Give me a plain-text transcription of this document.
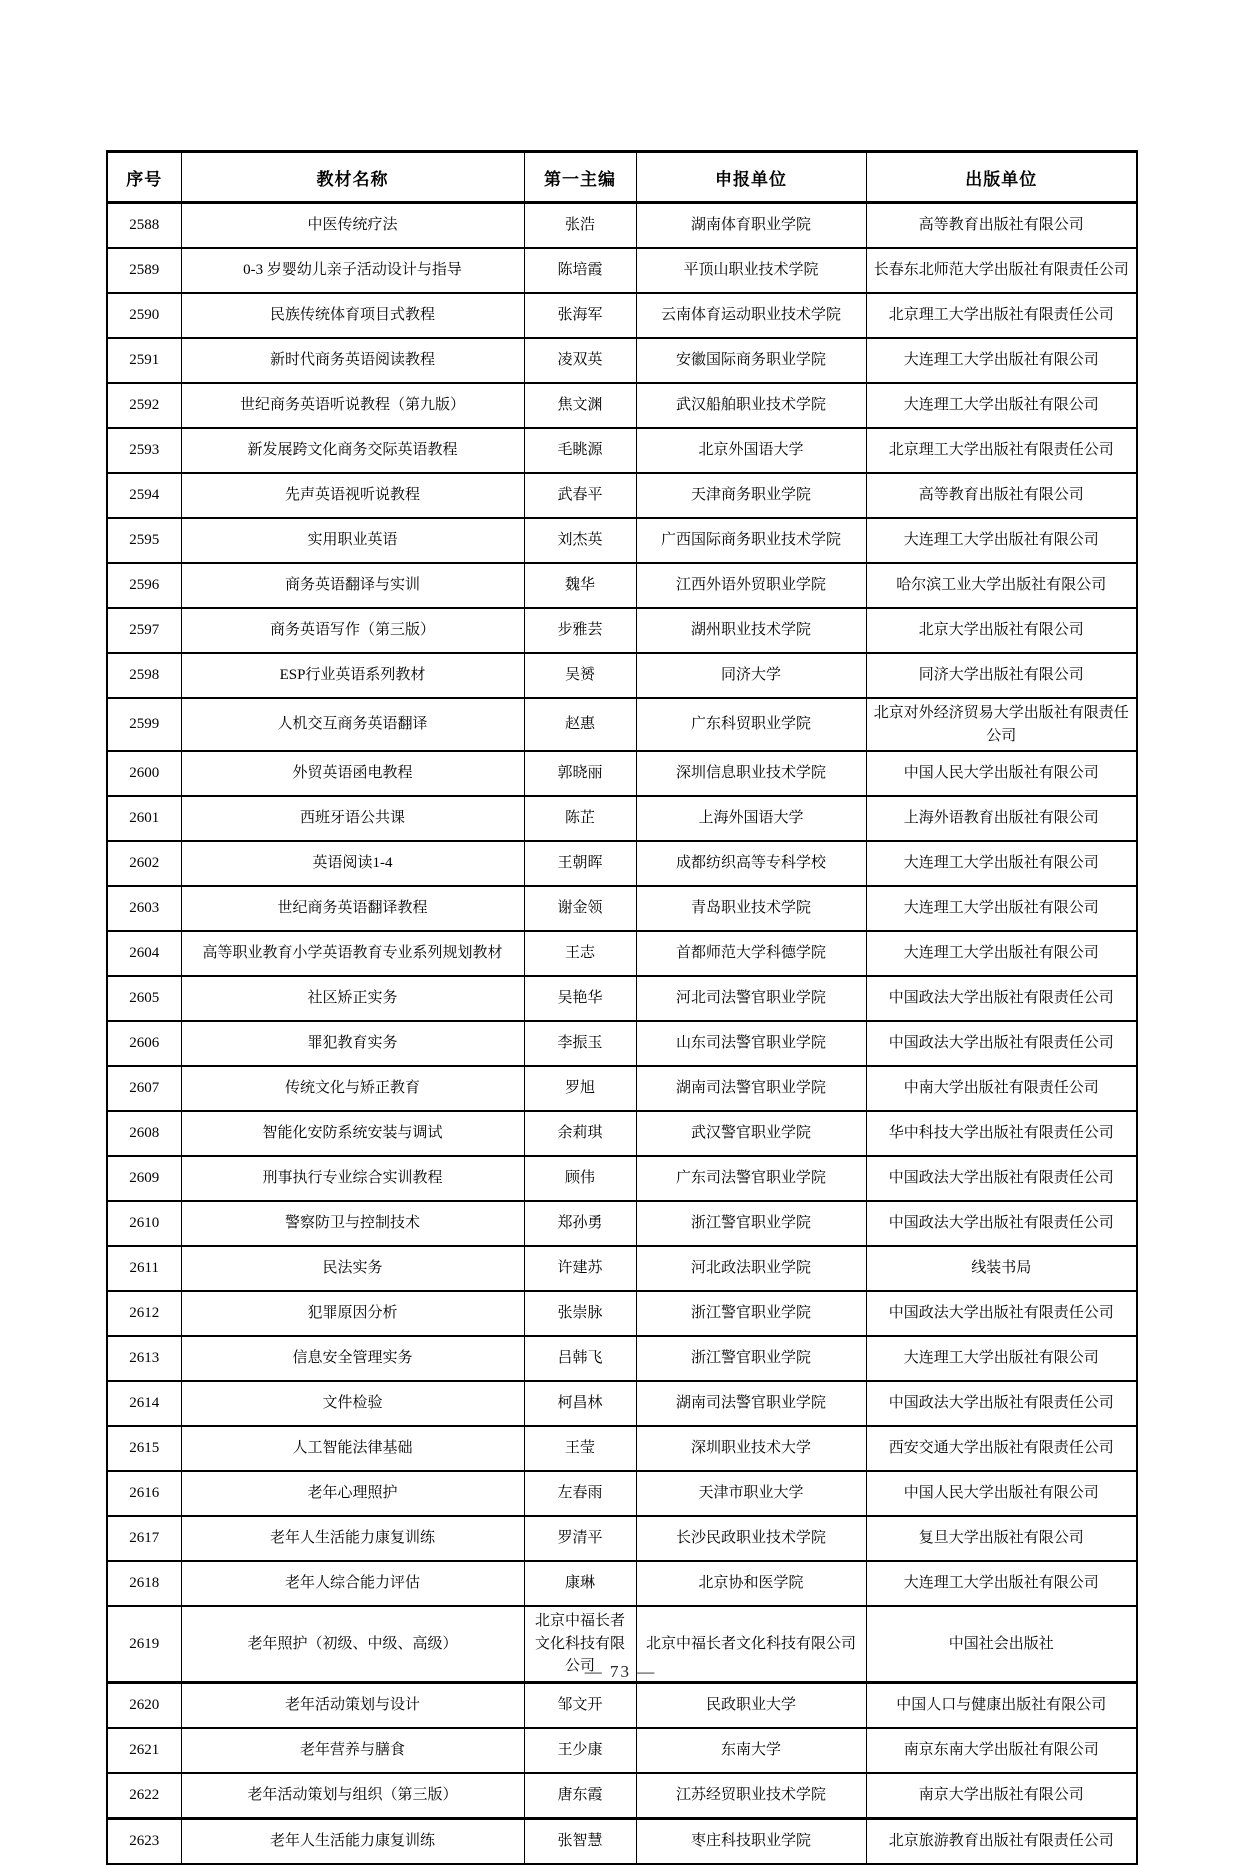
序号	教材名称	第一主编	申报单位	出版单位
2588	中医传统疗法	张浩	湖南体育职业学院	高等教育出版社有限公司
2589	0-3 岁婴幼儿亲子活动设计与指导	陈培霞	平顶山职业技术学院	长春东北师范大学出版社有限责任公司
2590	民族传统体育项目式教程	张海军	云南体育运动职业技术学院	北京理工大学出版社有限责任公司
2591	新时代商务英语阅读教程	凌双英	安徽国际商务职业学院	大连理工大学出版社有限公司
2592	世纪商务英语听说教程（第九版）	焦文渊	武汉船舶职业技术学院	大连理工大学出版社有限公司
2593	新发展跨文化商务交际英语教程	毛眺源	北京外国语大学	北京理工大学出版社有限责任公司
2594	先声英语视听说教程	武春平	天津商务职业学院	高等教育出版社有限公司
2595	实用职业英语	刘杰英	广西国际商务职业技术学院	大连理工大学出版社有限公司
2596	商务英语翻译与实训	魏华	江西外语外贸职业学院	哈尔滨工业大学出版社有限公司
2597	商务英语写作（第三版）	步雅芸	湖州职业技术学院	北京大学出版社有限公司
2598	ESP行业英语系列教材	吴赟	同济大学	同济大学出版社有限公司
2599	人机交互商务英语翻译	赵惠	广东科贸职业学院	北京对外经济贸易大学出版社有限责任公司
2600	外贸英语函电教程	郭晓丽	深圳信息职业技术学院	中国人民大学出版社有限公司
2601	西班牙语公共课	陈芷	上海外国语大学	上海外语教育出版社有限公司
2602	英语阅读1-4	王朝晖	成都纺织高等专科学校	大连理工大学出版社有限公司
2603	世纪商务英语翻译教程	谢金领	青岛职业技术学院	大连理工大学出版社有限公司
2604	高等职业教育小学英语教育专业系列规划教材	王志	首都师范大学科德学院	大连理工大学出版社有限公司
2605	社区矫正实务	吴艳华	河北司法警官职业学院	中国政法大学出版社有限责任公司
2606	罪犯教育实务	李振玉	山东司法警官职业学院	中国政法大学出版社有限责任公司
2607	传统文化与矫正教育	罗旭	湖南司法警官职业学院	中南大学出版社有限责任公司
2608	智能化安防系统安装与调试	余莉琪	武汉警官职业学院	华中科技大学出版社有限责任公司
2609	刑事执行专业综合实训教程	顾伟	广东司法警官职业学院	中国政法大学出版社有限责任公司
2610	警察防卫与控制技术	郑孙勇	浙江警官职业学院	中国政法大学出版社有限责任公司
2611	民法实务	许建苏	河北政法职业学院	线装书局
2612	犯罪原因分析	张崇脉	浙江警官职业学院	中国政法大学出版社有限责任公司
2613	信息安全管理实务	吕韩飞	浙江警官职业学院	大连理工大学出版社有限公司
2614	文件检验	柯昌林	湖南司法警官职业学院	中国政法大学出版社有限责任公司
2615	人工智能法律基础	王莹	深圳职业技术大学	西安交通大学出版社有限责任公司
2616	老年心理照护	左春雨	天津市职业大学	中国人民大学出版社有限公司
2617	老年人生活能力康复训练	罗清平	长沙民政职业技术学院	复旦大学出版社有限公司
2618	老年人综合能力评估	康琳	北京协和医学院	大连理工大学出版社有限公司
2619	老年照护（初级、中级、高级）	北京中福长者文化科技有限公司	北京中福长者文化科技有限公司	中国社会出版社
2620	老年活动策划与设计	邹文开	民政职业大学	中国人口与健康出版社有限公司
2621	老年营养与膳食	王少康	东南大学	南京东南大学出版社有限公司
2622	老年活动策划与组织（第三版）	唐东霞	江苏经贸职业技术学院	南京大学出版社有限公司
2623	老年人生活能力康复训练	张智慧	枣庄科技职业学院	北京旅游教育出版社有限责任公司
— 73 —
